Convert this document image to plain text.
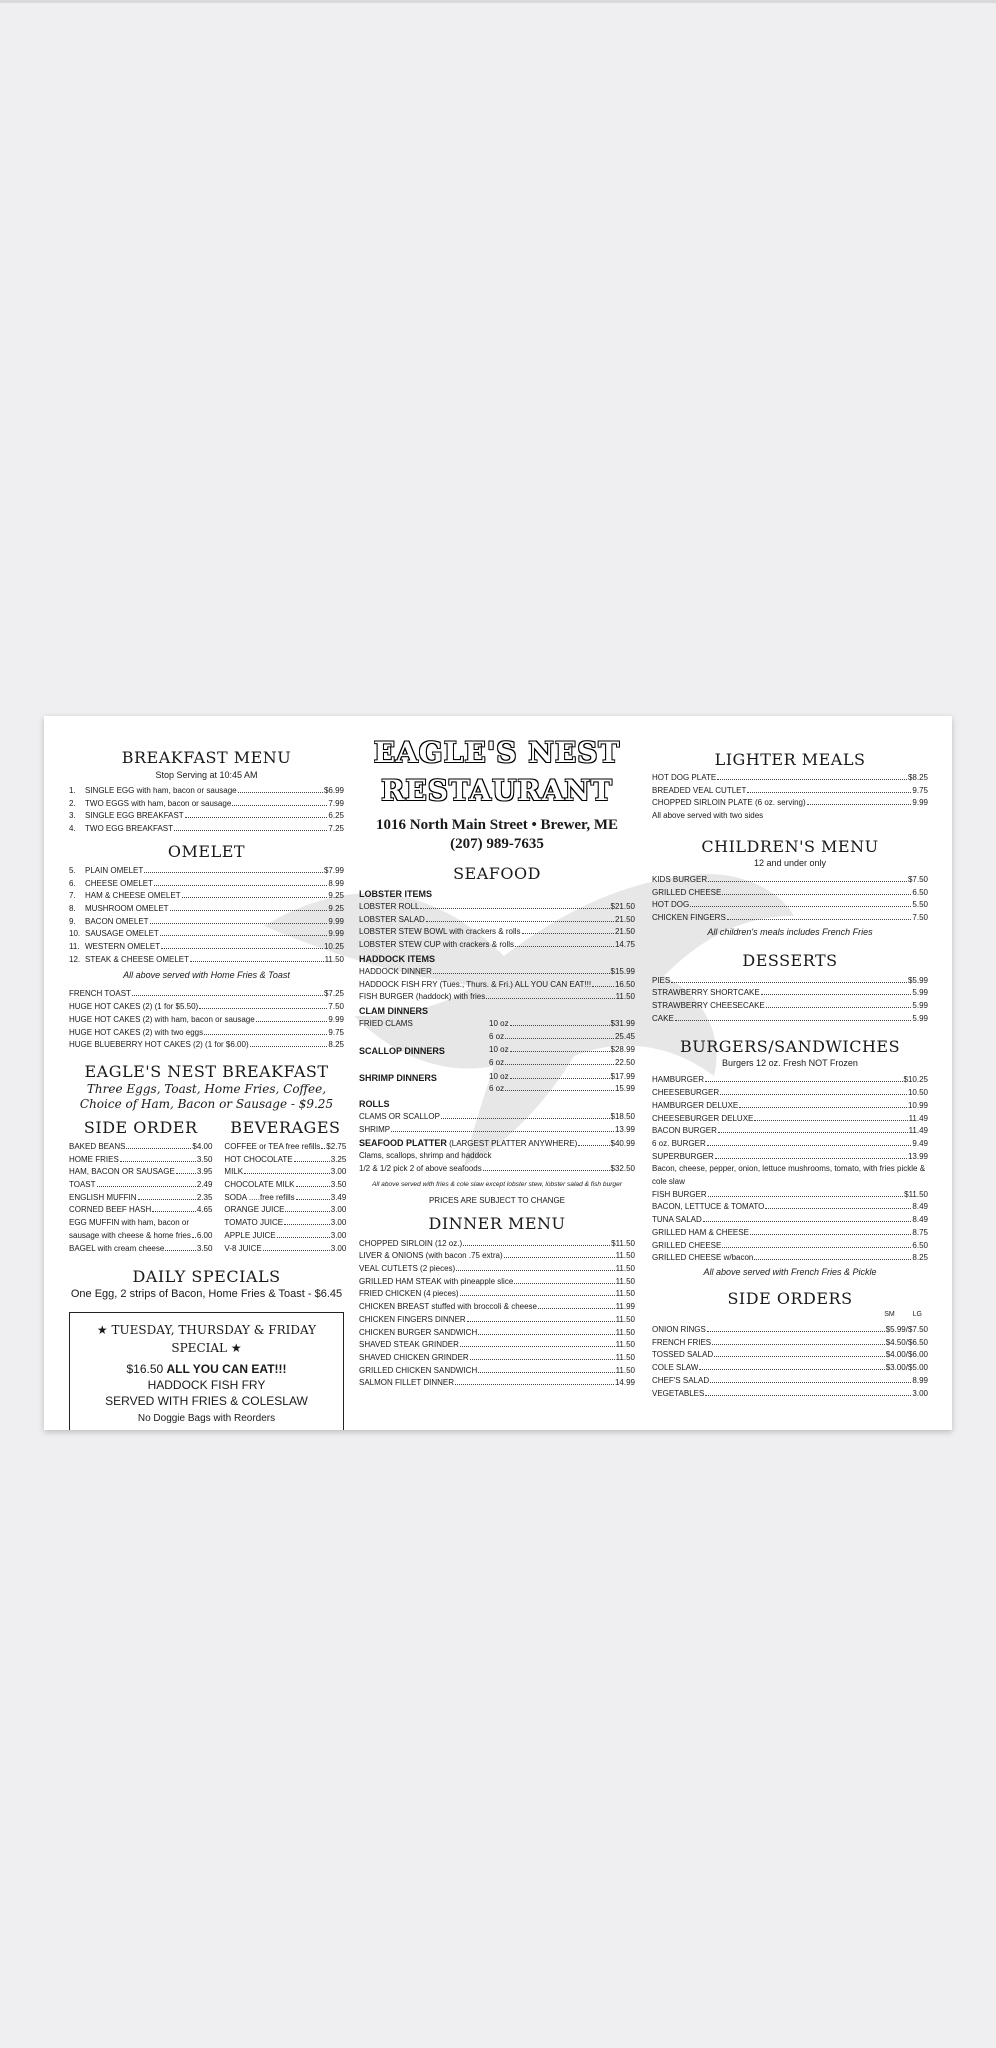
BREAKFAST MENU
Stop Serving at 10:45 AM
1. SINGLE EGG with ham, bacon or sausage	$6.99
2. TWO EGGS with ham, bacon or sausage	7.99
3. SINGLE EGG BREAKFAST	6.25
4. TWO EGG BREAKFAST	7.25
OMELET
5. PLAIN OMELET	$7.99
6. CHEESE OMELET	8.99
7. HAM & CHEESE OMELET	9.25
8. MUSHROOM OMELET	9.25
9. BACON OMELET	9.99
10. SAUSAGE OMELET	9.99
11. WESTERN OMELET	10.25
12. STEAK & CHEESE OMELET	11.50
All above served with Home Fries & Toast
FRENCH TOAST	$7.25
HUGE HOT CAKES (2) (1 for $5.50)	7.50
HUGE HOT CAKES (2) with ham, bacon or sausage	9.99
HUGE HOT CAKES (2) with two eggs	9.75
HUGE BLUEBERRY HOT CAKES (2) (1 for $6.00)	8.25
EAGLE'S NEST BREAKFAST
Three Eggs, Toast, Home Fries, Coffee,
Choice of Ham, Bacon or Sausage - $9.25
SIDE ORDER
BAKED BEANS	$4.00
HOME FRIES	3.50
HAM, BACON OR SAUSAGE	3.95
TOAST	2.49
ENGLISH MUFFIN	2.35
CORNED BEEF HASH	4.65
EGG MUFFIN with ham, bacon or
sausage with cheese & home fries 6.00
BAGEL with cream cheese	3.50
BEVERAGES
COFFEE or TEA free refills $2.75
HOT CHOCOLATE	3.25
MILK	3.00
CHOCOLATE MILK	3.50
SODA .....free refills	3.49
ORANGE JUICE	3.00
TOMATO JUICE	3.00
APPLE JUICE	3.00
V-8 JUICE	3.00
DAILY SPECIALS
One Egg, 2 strips of Bacon, Home Fries & Toast - $6.45
★ TUESDAY, THURSDAY & FRIDAY SPECIAL ★
$16.50 ALL YOU CAN EAT!!!
HADDOCK FISH FRY
SERVED WITH FRIES & COLESLAW
No Doggie Bags with Reorders
EAGLE'S NEST
RESTAURANT
1016 North Main Street • Brewer, ME
(207) 989-7635
SEAFOOD
LOBSTER ITEMS
LOBSTER ROLL	$21.50
LOBSTER SALAD	21.50
LOBSTER STEW BOWL with crackers & rolls	21.50
LOBSTER STEW CUP with crackers & rolls	14.75
HADDOCK ITEMS
HADDOCK DINNER	$15.99
HADDOCK FISH FRY (Tues., Thurs. & Fri.) ALL YOU CAN EAT!!!	16.50
FISH BURGER (haddock) with fries	11.50
CLAM DINNERS
FRIED CLAMS	10 oz	$31.99
6 oz	25.45
SCALLOP DINNERS	10 oz	$28.99
6 oz	22.50
SHRIMP DINNERS	10 oz	$17.99
6 oz	15.99
ROLLS
CLAMS OR SCALLOP	$18.50
SHRIMP	13.99
SEAFOOD PLATTER (LARGEST PLATTER ANYWHERE)	$40.99
Clams, scallops, shrimp and haddock
1/2 & 1/2 pick 2 of above seafoods	$32.50
All above served with fries & cole slaw except lobster stew, lobster salad & fish burger
PRICES ARE SUBJECT TO CHANGE
DINNER MENU
CHOPPED SIRLOIN (12 oz.)	$11.50
LIVER & ONIONS (with bacon .75 extra)	11.50
VEAL CUTLETS (2 pieces)	11.50
GRILLED HAM STEAK with pineapple slice	11.50
FRIED CHICKEN (4 pieces)	11.50
CHICKEN BREAST stuffed with broccoli & cheese	11.99
CHICKEN FINGERS DINNER	11.50
CHICKEN BURGER SANDWICH	11.50
SHAVED STEAK GRINDER	11.50
SHAVED CHICKEN GRINDER	11.50
GRILLED CHICKEN SANDWICH	11.50
SALMON FILLET DINNER	14.99
LIGHTER MEALS
HOT DOG PLATE	$8.25
BREADED VEAL CUTLET	9.75
CHOPPED SIRLOIN PLATE (6 oz. serving)	9.99
All above served with two sides
CHILDREN'S MENU
12 and under only
KIDS BURGER	$7.50
GRILLED CHEESE	6.50
HOT DOG	5.50
CHICKEN FINGERS	7.50
All children's meals includes French Fries
DESSERTS
PIES	$5.99
STRAWBERRY SHORTCAKE	5.99
STRAWBERRY CHEESECAKE	5.99
CAKE	5.99
BURGERS/SANDWICHES
Burgers 12 oz. Fresh NOT Frozen
HAMBURGER	$10.25
CHEESEBURGER	10.50
HAMBURGER DELUXE	10.99
CHEESEBURGER DELUXE	11.49
BACON BURGER	11.49
6 oz. BURGER	9.49
SUPERBURGER	13.99
Bacon, cheese, pepper, onion, lettuce mushrooms, tomato, with fries pickle & cole slaw
FISH BURGER	$11.50
BACON, LETTUCE & TOMATO	8.49
TUNA SALAD	8.49
GRILLED HAM & CHEESE	8.75
GRILLED CHEESE	6.50
GRILLED CHEESE w/bacon	8.25
All above served with French Fries & Pickle
SIDE ORDERS
SM	LG
ONION RINGS	$5.99/$7.50
FRENCH FRIES	$4.50/$6.50
TOSSED SALAD	$4.00/$6.00
COLE SLAW	$3.00/$5.00
CHEF'S SALAD	8.99
VEGETABLES	3.00
